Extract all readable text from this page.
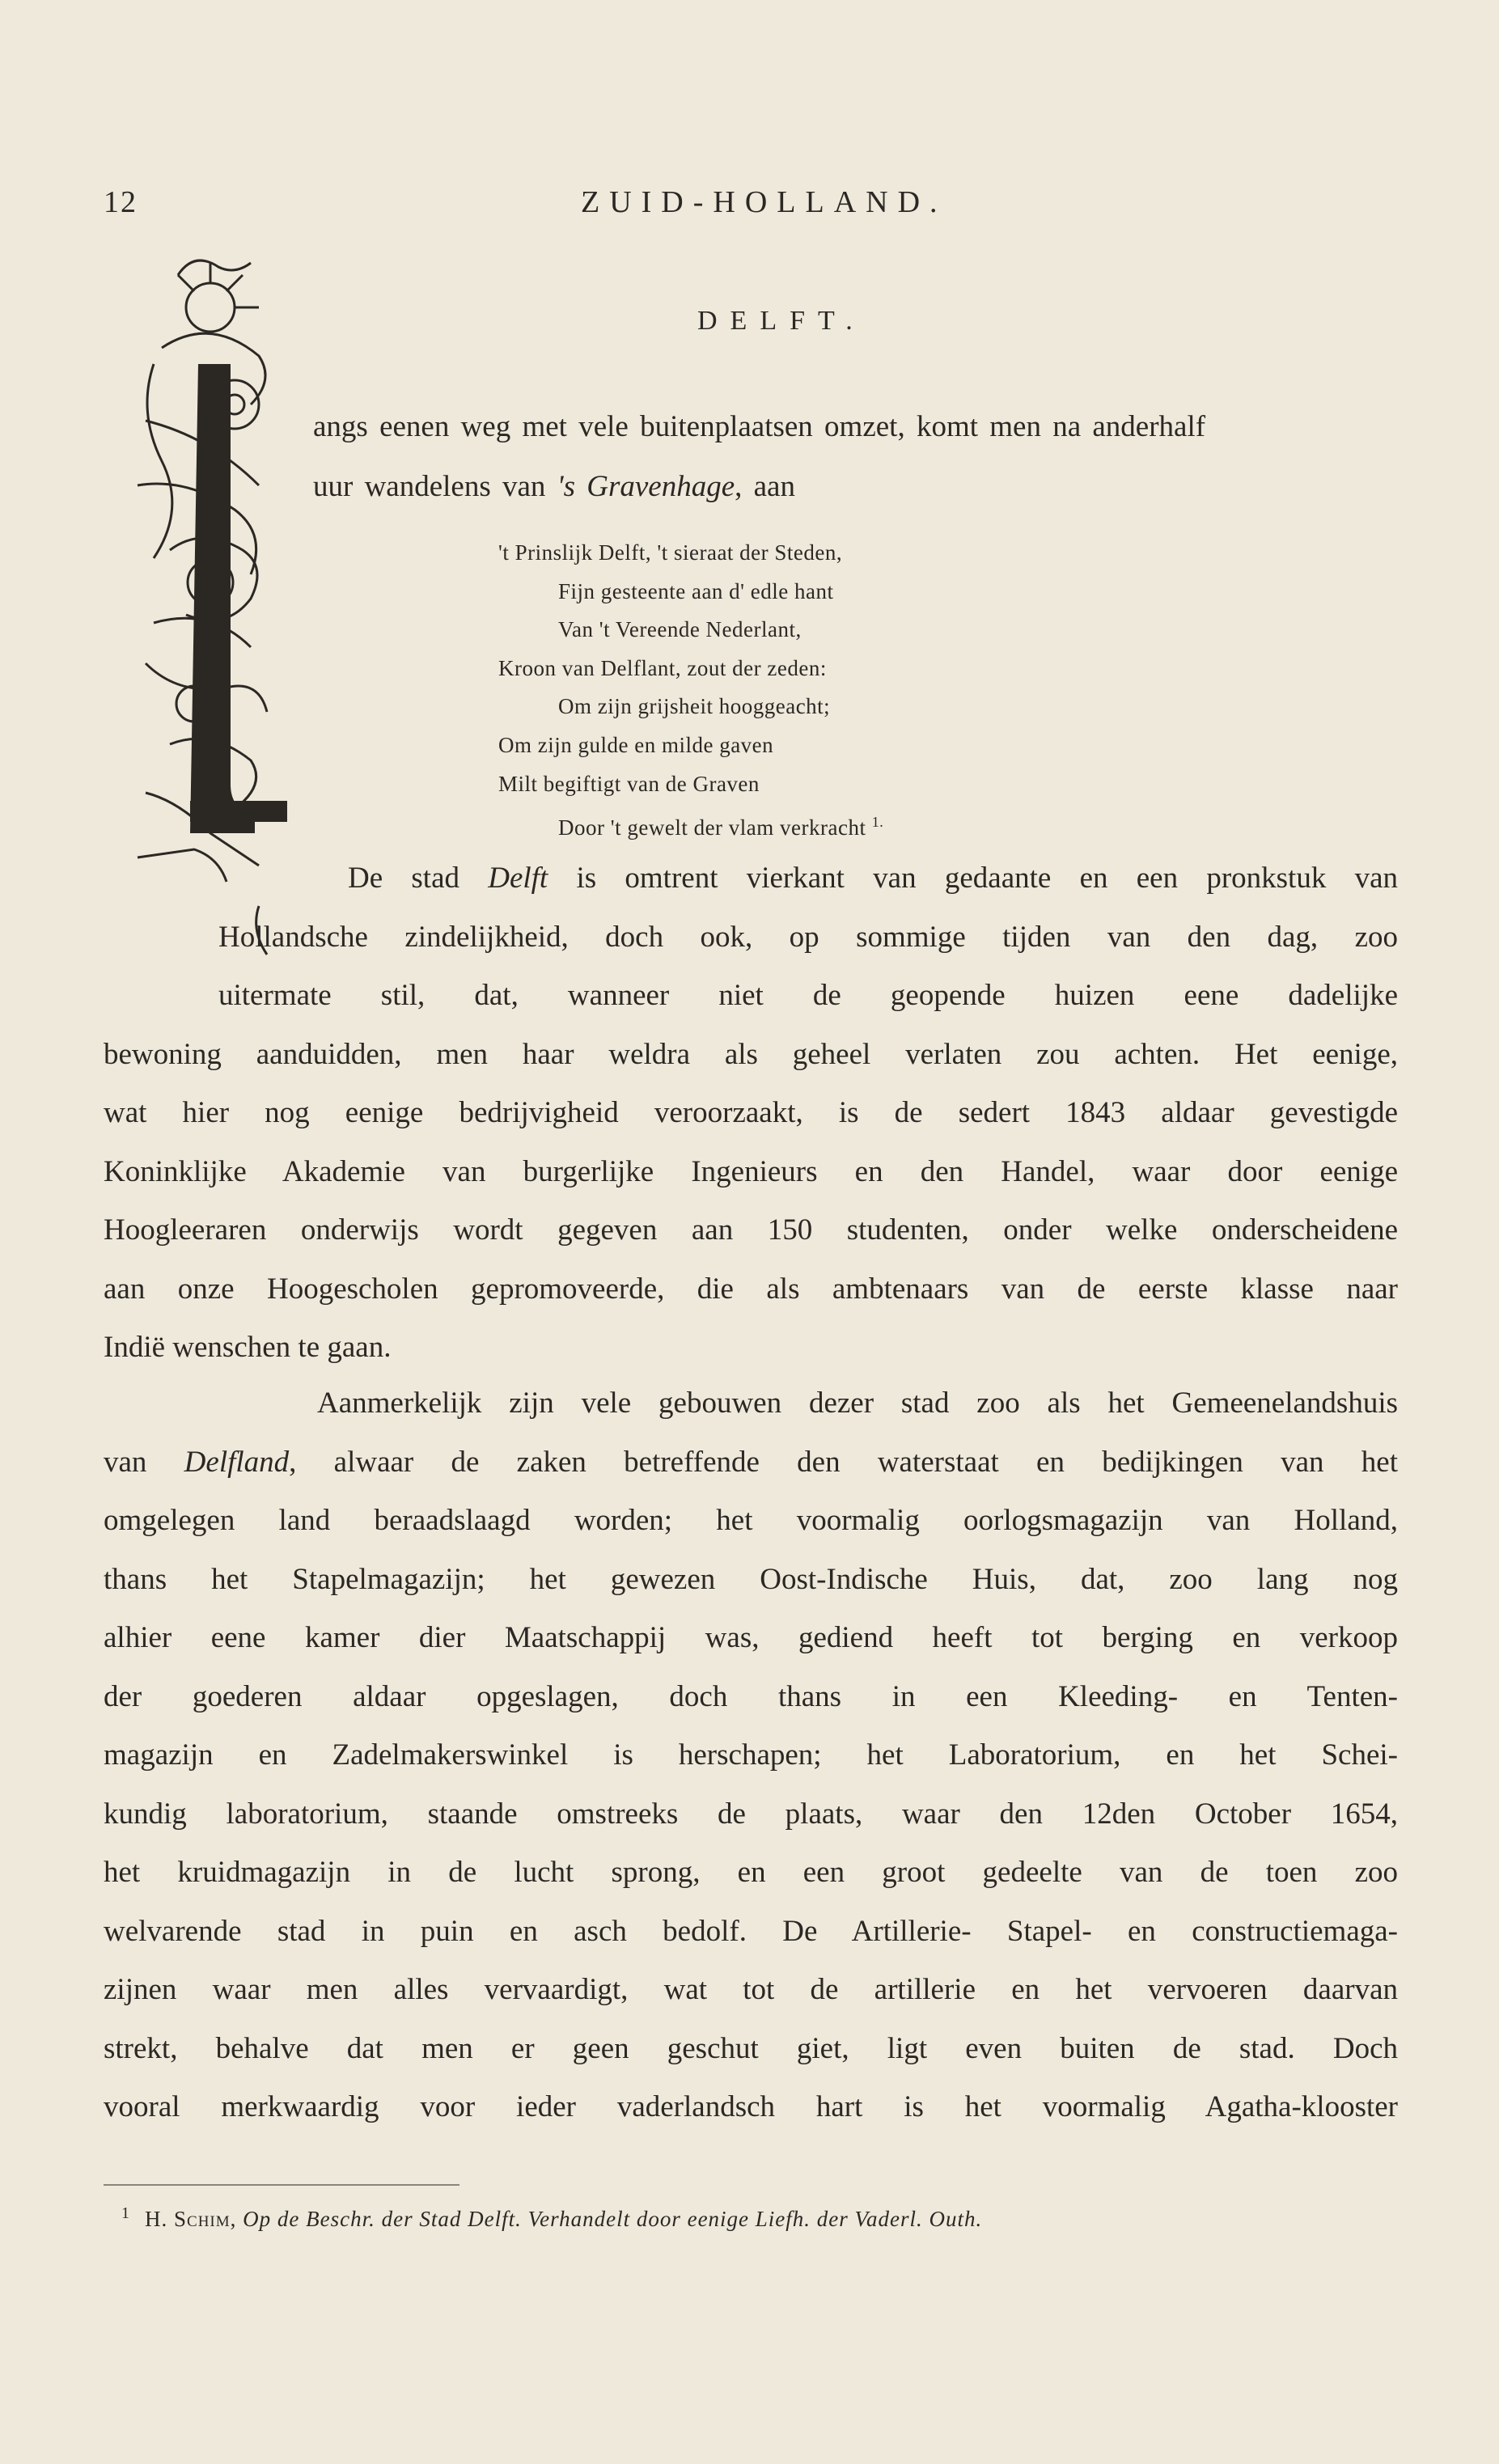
12	ZUID-HOLLAND.
DELFT.
angs eenen weg met vele buitenplaatsen omzet, komt men na anderhalf
uur wandelens van 's Gravenhage, aan
't Prinslijk Delft, 't sieraat der Steden,
Fijn gesteente aan d' edle hant
Van 't Vereende Nederlant,
Kroon van Delflant, zout der zeden:
Om zijn grijsheit hooggeacht;
Om zijn gulde en milde gaven
Milt begiftigt van de Graven
Door 't gewelt der vlam verkracht $^{1.}$
De stad Delft is omtrent vierkant van gedaante en een pronkstuk van
Hollandsche zindelijkheid, doch ook, op sommige tijden van den dag, zoo
uitermate stil, dat, wanneer niet de geopende huizen eene dadelijke
bewoning aanduidden, men haar weldra als geheel verlaten zou achten. Het eenige,
wat hier nog eenige bedrijvigheid veroorzaakt, is de sedert 1843 aldaar gevestigde
Koninklijke Akademie van burgerlijke Ingenieurs en den Handel, waar door eenige
Hoogleeraren onderwijs wordt gegeven aan 150 studenten, onder welke onderscheidene
aan onze Hoogescholen gepromoveerde, die als ambtenaars van de eerste klasse naar
Indië wenschen te gaan.
Aanmerkelijk zijn vele gebouwen dezer stad zoo als het Gemeenelandshuis
van Delfland, alwaar de zaken betreffende den waterstaat en bedijkingen van het
omgelegen land beraadslaagd worden; het voormalig oorlogsmagazijn van Holland,
thans het Stapelmagazijn; het gewezen Oost-Indische Huis, dat, zoo lang nog
alhier eene kamer dier Maatschappij was, gediend heeft tot berging en verkoop
der goederen aldaar opgeslagen, doch thans in een Kleeding- en Tenten-
magazijn en Zadelmakerswinkel is herschapen; het Laboratorium, en het Schei-
kundig laboratorium, staande omstreeks de plaats, waar den 12den October 1654,
het kruidmagazijn in de lucht sprong, en een groot gedeelte van de toen zoo
welvarende stad in puin en asch bedolf. De Artillerie- Stapel- en constructiemaga-
zijnen waar men alles vervaardigt, wat tot de artillerie en het vervoeren daarvan
strekt, behalve dat men er geen geschut giet, ligt even buiten de stad. Doch
vooral merkwaardig voor ieder vaderlandsch hart is het voormalig Agatha-klooster
$^1$ H. Schim, Op de Beschr. der Stad Delft. Verhandelt door eenige Liefh. der Vaderl. Outh.
